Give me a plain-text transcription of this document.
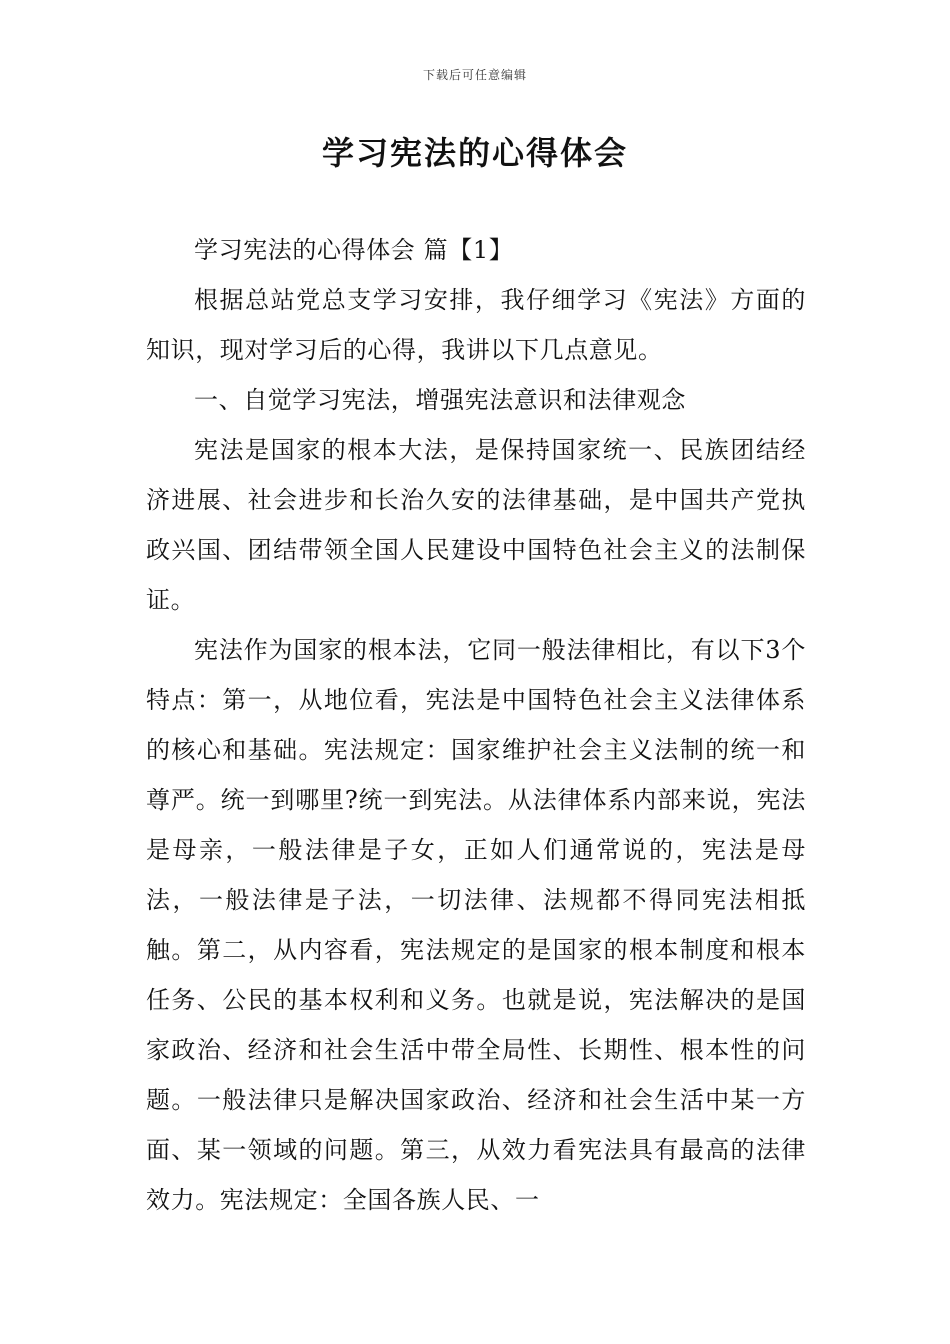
下载后可任意编辑
学习宪法的心得体会

学习宪法的心得体会 篇【1】

根据总站党总支学习安排，我仔细学习《宪法》方面的知识，现对学习后的心得，我讲以下几点意见。

一、自觉学习宪法，增强宪法意识和法律观念

宪法是国家的根本大法，是保持国家统一、民族团结经济进展、社会进步和长治久安的法律基础，是中国共产党执政兴国、团结带领全国人民建设中国特色社会主义的法制保证。

宪法作为国家的根本法，它同一般法律相比，有以下3个特点：第一，从地位看，宪法是中国特色社会主义法律体系的核心和基础。宪法规定：国家维护社会主义法制的统一和尊严。统一到哪里?统一到宪法。从法律体系内部来说，宪法是母亲，一般法律是子女，正如人们通常说的，宪法是母法，一般法律是子法，一切法律、法规都不得同宪法相抵触。第二，从内容看，宪法规定的是国家的根本制度和根本任务、公民的基本权利和义务。也就是说，宪法解决的是国家政治、经济和社会生活中带全局性、长期性、根本性的问题。一般法律只是解决国家政治、经济和社会生活中某一方面、某一领域的问题。第三，从效力看宪法具有最高的法律效力。宪法规定：全国各族人民、一
